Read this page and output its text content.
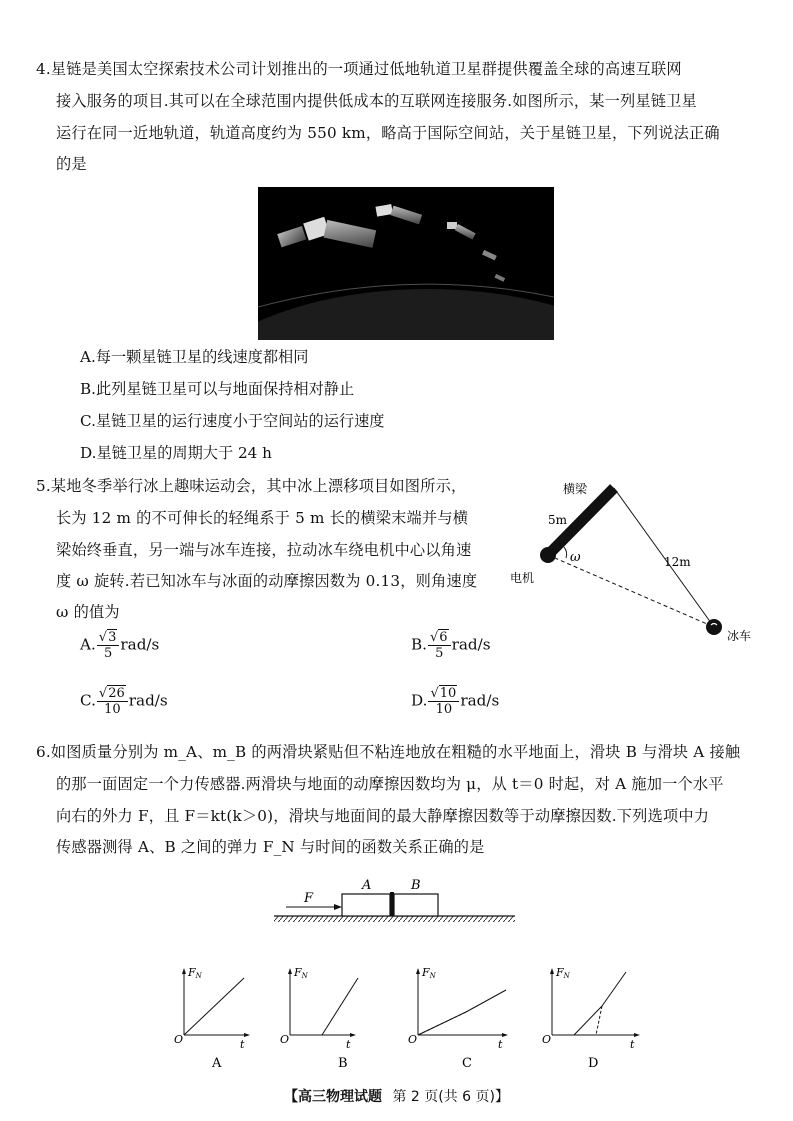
4.星链是美国太空探索技术公司计划推出的一项通过低地轨道卫星群提供覆盖全球的高速互联网
接入服务的项目.其可以在全球范围内提供低成本的互联网连接服务.如图所示，某一列星链卫星
运行在同一近地轨道，轨道高度约为 550 km，略高于国际空间站，关于星链卫星，下列说法正确
的是
A.每一颗星链卫星的线速度都相同
B.此列星链卫星可以与地面保持相对静止
C.星链卫星的运行速度小于空间站的运行速度
D.星链卫星的周期大于 24 h
5.某地冬季举行冰上趣味运动会，其中冰上漂移项目如图所示，
长为 12 m 的不可伸长的轻绳系于 5 m 长的横梁末端并与横
梁始终垂直，另一端与冰车连接，拉动冰车绕电机中心以角速
度 ω 旋转.若已知冰车与冰面的动摩擦因数为 0.13，则角速度
ω 的值为
横梁
5m
ω	12m
电机
冰车
A. $\frac{√3}{5} rad/s$	B. $\frac{√6}{5} rad/s$
C. $\frac{√26}{10} rad/s$	D. $\frac{√10}{10} rad/s$
6.如图质量分别为 m_A、m_B 的两滑块紧贴但不粘连地放在粗糙的水平地面上，滑块 B 与滑块 A 接触
的那一面固定一个力传感器.两滑块与地面的动摩擦因数均为 μ，从 t＝0 时起，对 A 施加一个水平
向右的外力 F，且 F＝kt(k＞0)，滑块与地面间的最大静摩擦因数等于动摩擦因数.下列选项中力
传感器测得 A、B 之间的弹力 F_N 与时间的函数关系正确的是
F
A	B
FN
t
O
A
FN
t
O
B
FN
t
O
C
FN
t
O
D
【高三物理试题 第 2 页(共 6 页)】
